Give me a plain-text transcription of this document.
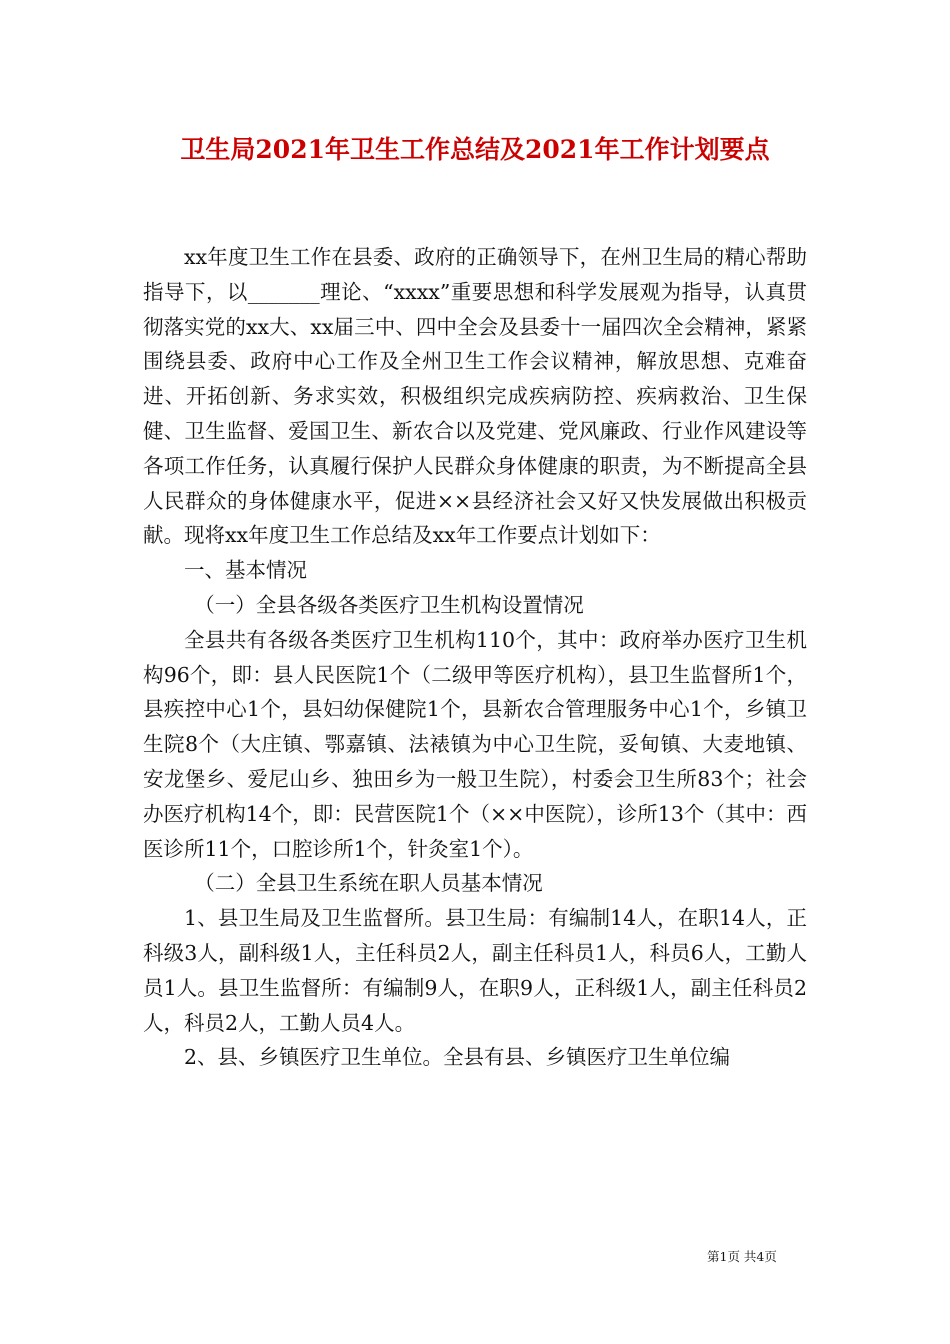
卫生局2021年卫生工作总结及2021年工作计划要点

xx年度卫生工作在县委、政府的正确领导下，在州卫生局的精心帮助指导下，以_______理论、“xxxx”重要思想和科学发展观为指导，认真贯彻落实党的xx大、xx届三中、四中全会及县委十一届四次全会精神，紧紧围绕县委、政府中心工作及全州卫生工作会议精神，解放思想、克难奋进、开拓创新、务求实效，积极组织完成疾病防控、疾病救治、卫生保健、卫生监督、爱国卫生、新农合以及党建、党风廉政、行业作风建设等各项工作任务，认真履行保护人民群众身体健康的职责，为不断提高全县人民群众的身体健康水平，促进××县经济社会又好又快发展做出积极贡献。现将xx年度卫生工作总结及xx年工作要点计划如下：

一、基本情况

（一）全县各级各类医疗卫生机构设置情况

全县共有各级各类医疗卫生机构110个，其中：政府举办医疗卫生机构96个，即：县人民医院1个（二级甲等医疗机构），县卫生监督所1个，县疾控中心1个，县妇幼保健院1个，县新农合管理服务中心1个，乡镇卫生院8个（大庄镇、鄂嘉镇、法裱镇为中心卫生院，妥甸镇、大麦地镇、安龙堡乡、爱尼山乡、独田乡为一般卫生院），村委会卫生所83个；社会办医疗机构14个，即：民营医院1个（××中医院），诊所13个（其中：西医诊所11个，口腔诊所1个，针灸室1个）。

（二）全县卫生系统在职人员基本情况

1、县卫生局及卫生监督所。县卫生局：有编制14人，在职14人，正科级3人，副科级1人，主任科员2人，副主任科员1人，科员6人，工勤人员1人。县卫生监督所：有编制9人，在职9人，正科级1人，副主任科员2人，科员2人，工勤人员4人。

2、县、乡镇医疗卫生单位。全县有县、乡镇医疗卫生单位编

第1页 共4页
